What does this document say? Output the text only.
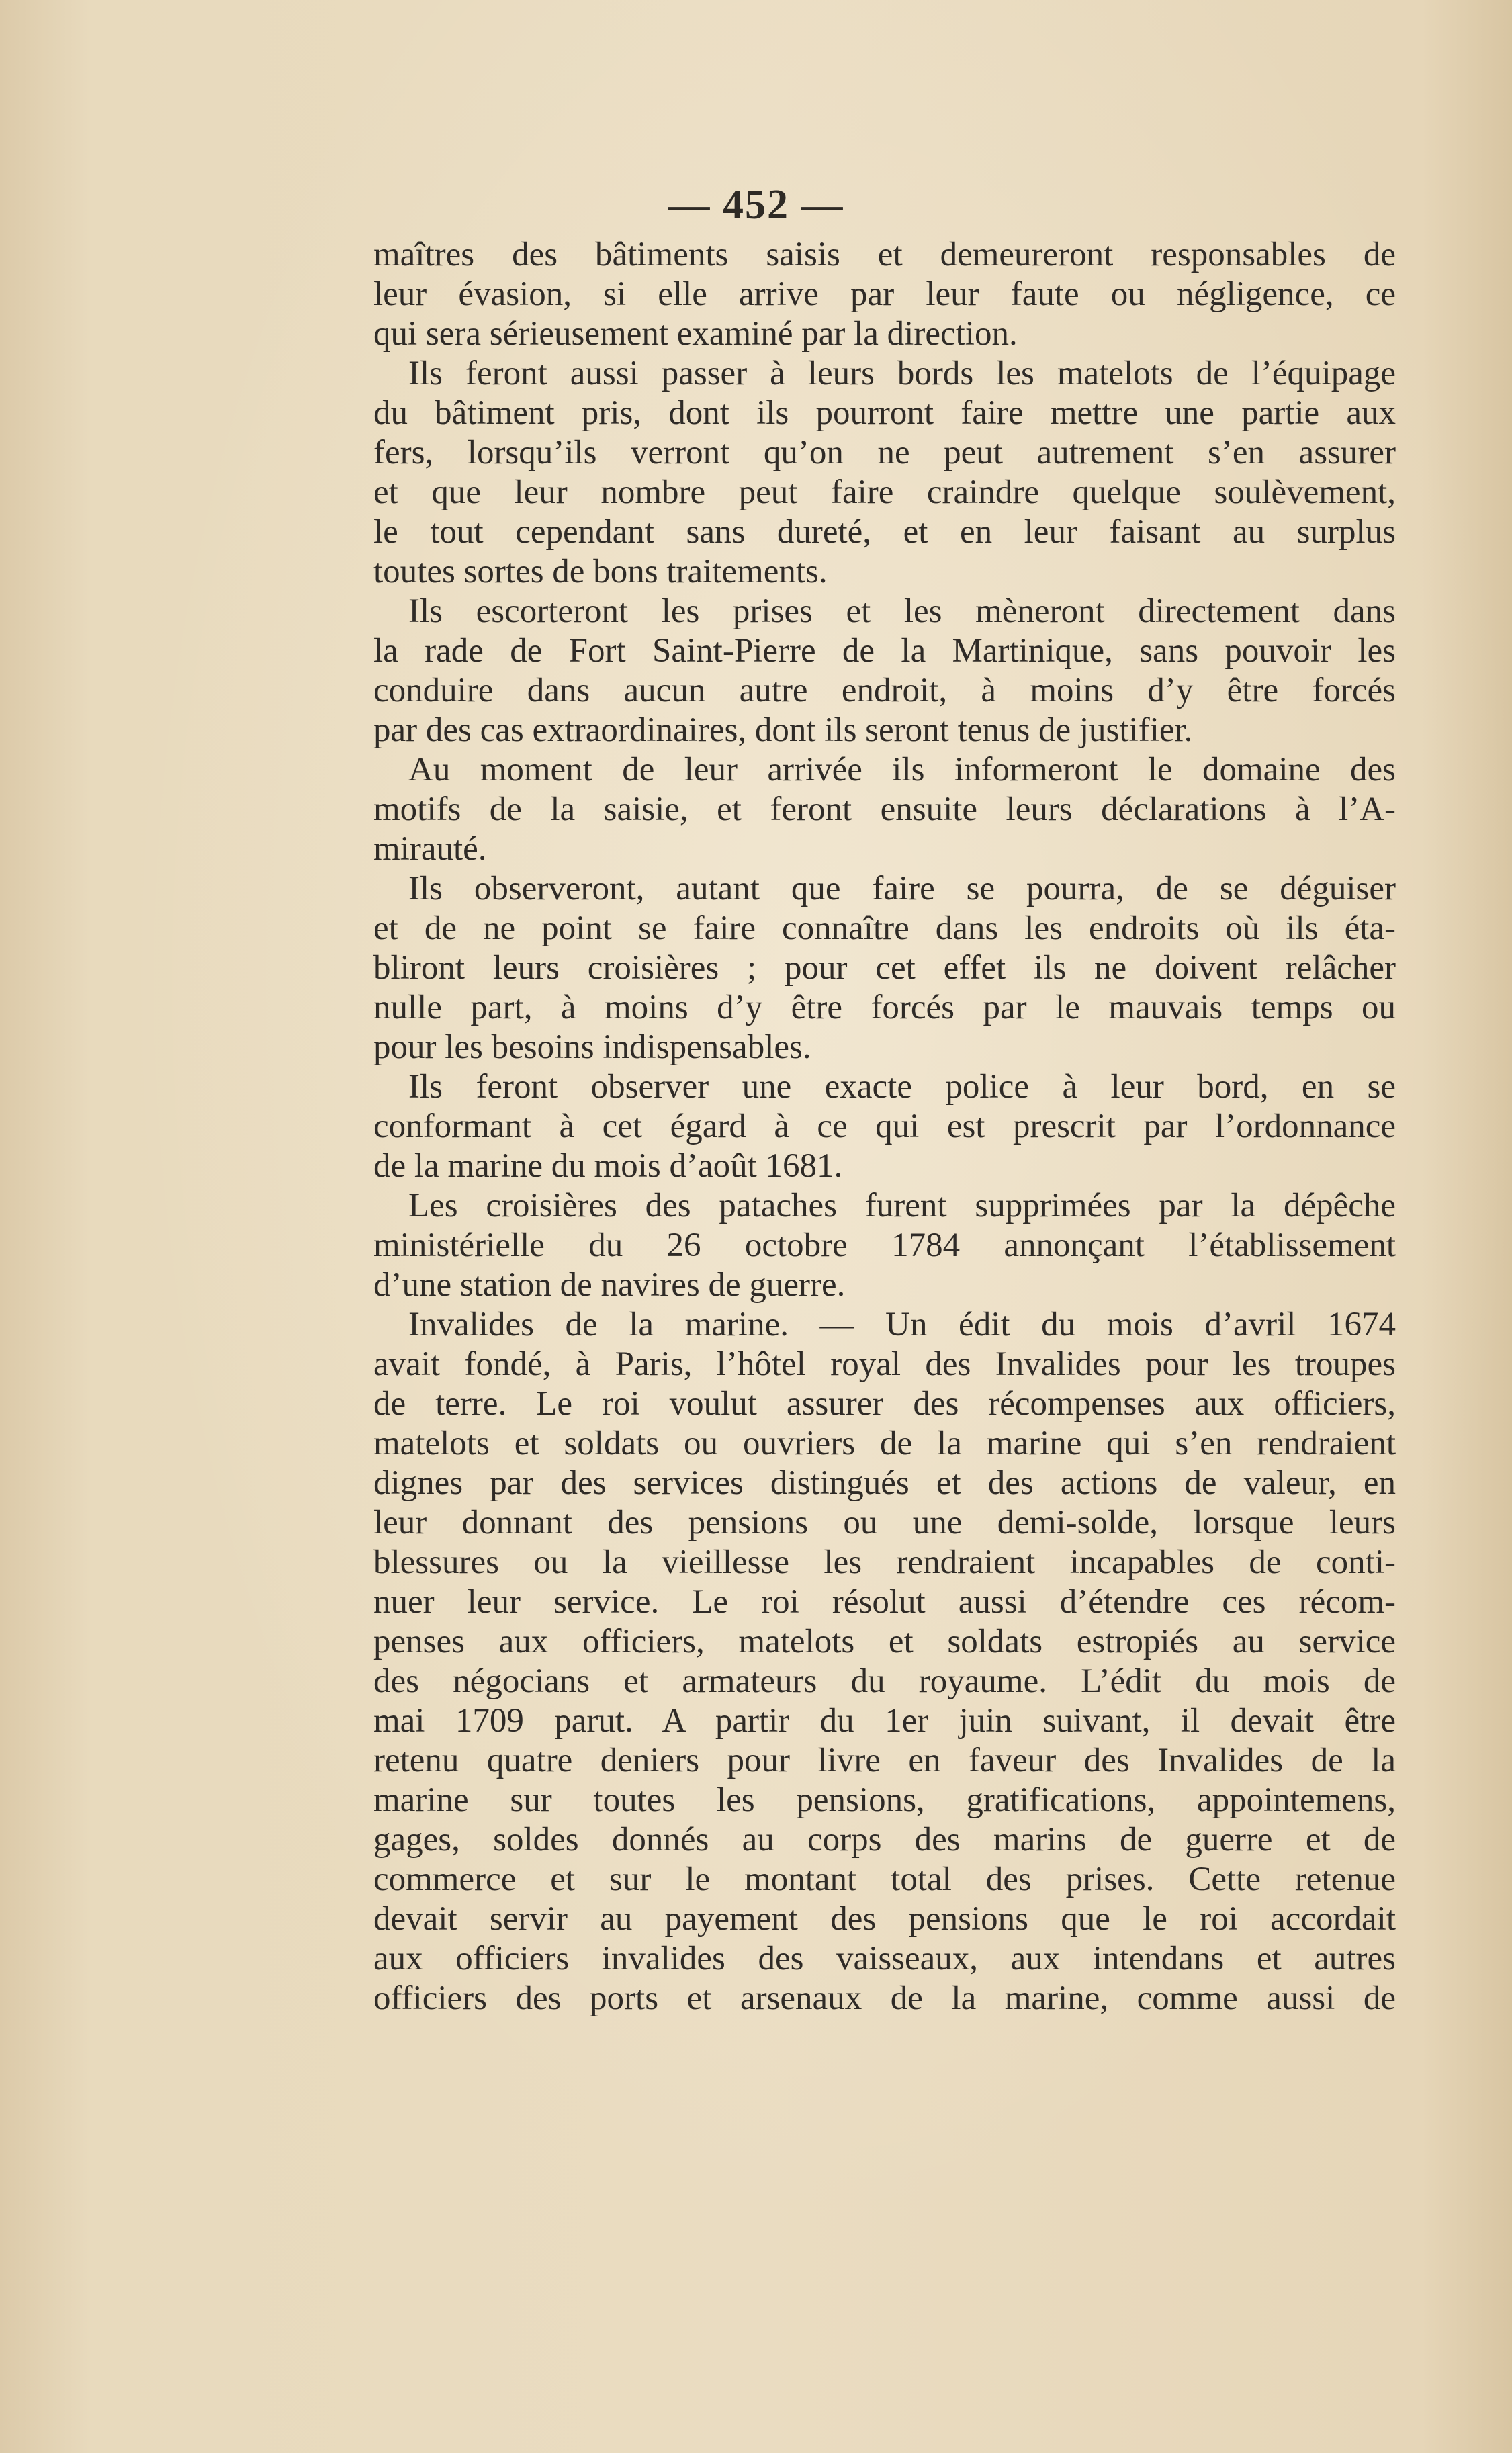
— 452 —

maîtres des bâtiments saisis et demeureront responsables de

leur évasion, si elle arrive par leur faute ou négligence, ce

qui sera sérieusement examiné par la direction.

Ils feront aussi passer à leurs bords les matelots de l’équipage

du bâtiment pris, dont ils pourront faire mettre une partie aux

fers, lorsqu’ils verront qu’on ne peut autrement s’en assurer

et que leur nombre peut faire craindre quelque soulèvement,

le tout cependant sans dureté, et en leur faisant au surplus

toutes sortes de bons traitements.

Ils escorteront les prises et les mèneront directement dans

la rade de Fort Saint-Pierre de la Martinique, sans pouvoir les

conduire dans aucun autre endroit, à moins d’y être forcés

par des cas extraordinaires, dont ils seront tenus de justifier.

Au moment de leur arrivée ils informeront le domaine des

motifs de la saisie, et feront ensuite leurs déclarations à l’A-

mirauté.

Ils observeront, autant que faire se pourra, de se déguiser

et de ne point se faire connaître dans les endroits où ils éta-

bliront leurs croisières ; pour cet effet ils ne doivent relâcher

nulle part, à moins d’y être forcés par le mauvais temps ou

pour les besoins indispensables.

Ils feront observer une exacte police à leur bord, en se

conformant à cet égard à ce qui est prescrit par l’ordonnance

de la marine du mois d’août 1681.

Les croisières des pataches furent supprimées par la dépêche

ministérielle du 26 octobre 1784 annonçant l’établissement

d’une station de navires de guerre.

Invalides de la marine. — Un édit du mois d’avril 1674

avait fondé, à Paris, l’hôtel royal des Invalides pour les troupes

de terre. Le roi voulut assurer des récompenses aux officiers,

matelots et soldats ou ouvriers de la marine qui s’en rendraient

dignes par des services distingués et des actions de valeur, en

leur donnant des pensions ou une demi-solde, lorsque leurs

blessures ou la vieillesse les rendraient incapables de conti-

nuer leur service. Le roi résolut aussi d’étendre ces récom-

penses aux officiers, matelots et soldats estropiés au service

des négocians et armateurs du royaume. L’édit du mois de

mai 1709 parut. A partir du 1er juin suivant, il devait être

retenu quatre deniers pour livre en faveur des Invalides de la

marine sur toutes les pensions, gratifications, appointemens,

gages, soldes donnés au corps des marins de guerre et de

commerce et sur le montant total des prises. Cette retenue

devait servir au payement des pensions que le roi accordait

aux officiers invalides des vaisseaux, aux intendans et autres

officiers des ports et arsenaux de la marine, comme aussi de
